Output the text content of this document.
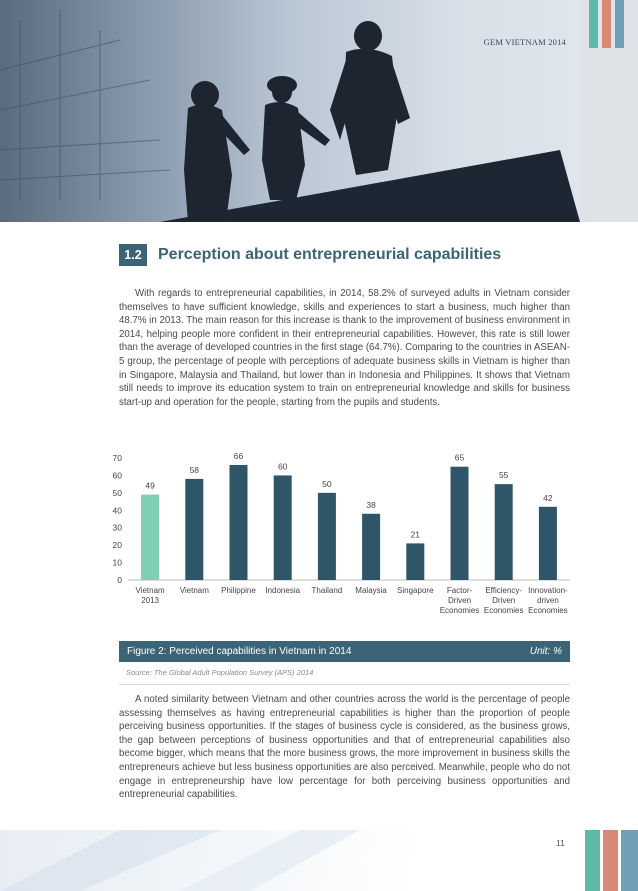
GEM VIETNAM 2014
1.2	Perception about entrepreneurial capabilities
With regards to entrepreneurial capabilities, in 2014, 58.2% of surveyed adults in Vietnam consider themselves to have sufficient knowledge, skills and experiences to start a business, much higher than 48.7% in 2013. The main reason for this increase is thank to the improvement of business environment in 2014, helping people more confident in their entrepreneurial capabilities. However, this rate is still lower than the average of developed countries in the first stage (64.7%). Comparing to the countries in ASEAN-5 group, the percentage of people with perceptions of adequate business skills in Vietnam is higher than in Singapore, Malaysia and Thailand, but lower than in Indonesia and Philippines. It shows that Vietnam still needs to improve its education system to train on entrepreneurial knowledge and skills for business start-up and operation for the people, starting from the pupils and students.
0
10
20
30
40
50
60
70
49
Vietnam
2013
58
Vietnam
66
Philippine
60
Indonesia
50
Thailand
38
Malaysia
21
Singapore
65
Factor-
Driven
Economies
55
Efficiency-
Driven
Economies
42
Innovation-
driven
Economies
Figure 2: Perceived capabilities in Vietnam in 2014	Unit: %
Source: The Global Adult Population Survey (APS) 2014
A noted similarity between Vietnam and other countries across the world is the percentage of people assessing themselves as having entrepreneurial capabilities is higher than the proportion of people perceiving business opportunities. If the stages of business cycle is considered, as the business grows, the gap between perceptions of business opportunities and that of entrepreneurial capabilities also become bigger, which means that the more business grows, the more improvement in business skills the entrepreneurs achieve but less business opportunities are also perceived. Meanwhile, people who do not engage in entrepreneurship have low percentage for both perceiving business opportunities and entrepreneurial capabilities.
11
